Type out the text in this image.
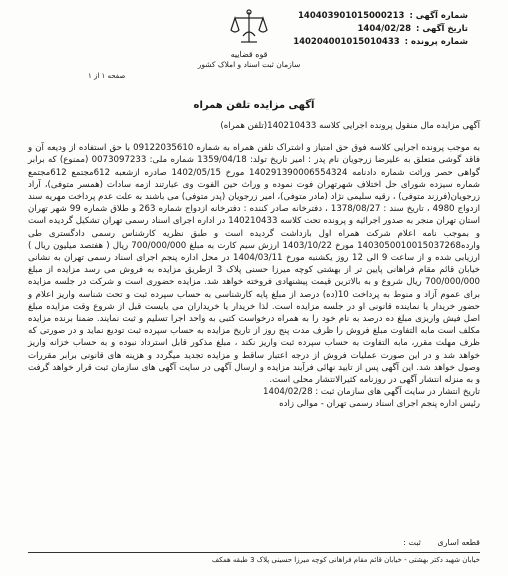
شماره آگهی : 140403901015000213
تاریخ آگهی : 1404/02/28
شماره پرونده : 140204001015010433
قوه قضاییه
سازمان ثبت اسناد و املاک کشور
صفحه ۱ از ۱
آگهی مزایده تلفن همراه

آگهی مزایده مال منقول پرونده اجرایی کلاسه 140210433(تلفن همراه)

به موجب پرونده اجرایی کلاسه فوق حق امتیاز و اشتراک تلفن همراه به شماره 09122035610 با حق استفاده از ودیعه آن و فاقد گوشی متعلق به علیرضا زرجویان نام پدر : امیر تاریخ تولد: 1359/04/18 شماره ملی: 0073097233 (ممنوع) که برابر گواهی حصر وراثت شماره دادنامه 140291390006554324 مورخ 1402/05/15 صادره ازشعبه 612مجتمع 612مجتمع شماره سیزده شورای حل اختلاف شهرتهران فوت نموده و وراث حین الفوت وی عبارتند ازمه سادات (همسر متوفی)، آراد زرجویان(فرزند متوفی) ، رقیه سلیمی نژاد (مادر متوفی)، امیر زرجویان (پدر متوفی) می باشند به علت عدم پرداخت مهریه سند ازدواج 4980 ، تاریخ سند : 1378/08/27 ، دفترخانه صادر کننده : دفترخانه ازدواج شماره 263 و طلاق شماره 99 شهر تهران استان تهران منجر به صدور اجرائیه و پرونده تحت کلاسه 140210433 در اداره اجرای اسناد رسمی تهران تشکیل گردیده است و بموجب نامه اعلام شرکت همراه اول بازداشت گردیده است و طبق نظریه کارشناس رسمی دادگستری طی وارده1403050010015037268 مورخ 1403/10/22 ارزش سیم کارت به مبلغ 700/000/000 ریال ( هفتصد میلیون ریال ) ارزیابی شده و از ساعت 9 الی 12 روز یکشنبه مورخ 1404/03/11 در محل اداره پنجم اجرای اسناد رسمی تهران به نشانی خیابان قائم مقام فراهانی پایین تر از بهشتی کوچه میرزا حسنی پلاک 3 ازطریق مزایده به فروش می رسد مزایده از مبلغ 700/000/000 ریال شروع و به بالاترین قیمت پیشنهادی فروخته خواهد شد. مزایده حضوری است و شرکت در جلسه مزایده برای عموم آزاد و منوط به پرداخت 10(ده) درصد از مبلغ پایه کارشناسی به حساب سپرده ثبت و تحت شناسه واریز اعلام و حضور خریدار یا نماینده قانونی او در جلسه مزایده است. لذا خریدار یا خریداران می بایست قبل از شروع وقت مزایده مبلغ اصل فیش واریزی مبلغ ده درصد به نام خود را به همراه درخواست کتبی به واحد اجرا تسلیم و ثبت نمایند. ضمنا برنده مزایده مکلف است مابه التفاوت مبلغ فروش را ظرف مدت پنج روز از تاریخ مزایده به حساب سپرده ثبت تودیع نماید و در صورتی که ظرف مهلت مقرر، مابه التفاوت به حساب سپرده ثبت واریز نکند ، مبلغ مذکور قابل استرداد نبوده و به حساب خزانه واریز خواهد شد و در این صورت عملیات فروش از درجه اعتبار ساقط و مزایده تجدید میگردد و هزینه های قانونی برابر مقررات وصول خواهد شد. این آگهی پس از تایید نهائی فرآیند مزایده و ارسال آگهی در سایت آگهی های سازمان ثبت قرار خواهد گرفت و به منزله انتشار آگهی در روزنامه کثیرالانتشار محلی است.

تاریخ انتشار در سایت آگهی های سازمان ثبت : 1404/02/28

رئیس اداره پنجم اجرای اسناد رسمی تهران - موالی زاده

قطعه اساری ثبت :
خیابان شهید دکتر بهشتی - خیابان قائم مقام فراهانی کوچه میرزا حسینی پلاک 3 طبقه همکف
